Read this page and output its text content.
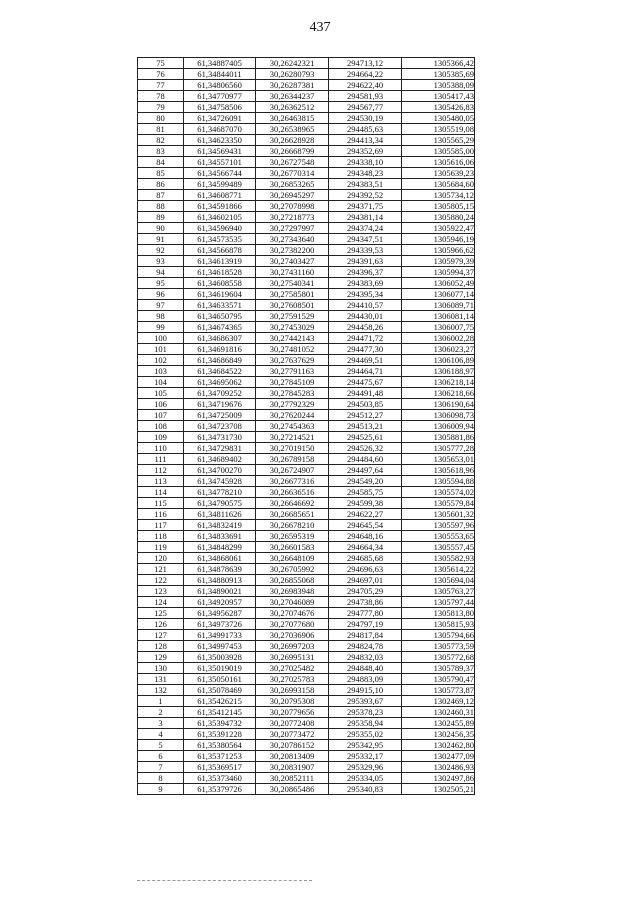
437
75	61,34887405	30,26242321	294713,12	1305366,42
76	61,34844011	30,26280793	294664,22	1305385,69
77	61,34806560	30,26287381	294622,40	1305388,09
78	61,34770977	30,26344237	294581,93	1305417,43
79	61,34758506	30,26362512	294567,77	1305426,83
80	61,34726091	30,26463815	294530,19	1305480,05
81	61,34687070	30,26538965	294485,63	1305519,08
82	61,34623350	30,26628928	294413,34	1305565,29
83	61,34569431	30,26668799	294352,69	1305585,00
84	61,34557101	30,26727548	294338,10	1305616,06
85	61,34566744	30,26770314	294348,23	1305639,23
86	61,34599489	30,26853265	294383,51	1305684,60
87	61,34608771	30,26945297	294392,52	1305734,12
88	61,34591866	30,27078998	294371,75	1305805,15
89	61,34602105	30,27218773	294381,14	1305880,24
90	61,34596940	30,27297997	294374,24	1305922,47
91	61,34573535	30,27343640	294347,51	1305946,19
92	61,34566878	30,27382200	294339,53	1305966,62
93	61,34613919	30,27403427	294391,63	1305979,39
94	61,34618528	30,27431160	294396,37	1305994,37
95	61,34608558	30,27540341	294383,69	1306052,49
96	61,34619604	30,27585801	294395,34	1306077,14
97	61,34633571	30,27608501	294410,57	1306089,71
98	61,34650795	30,27591529	294430,01	1306081,14
99	61,34674365	30,27453029	294458,26	1306007,75
100	61,34686307	30,27442143	294471,72	1306002,28
101	61,34691816	30,27481052	294477,30	1306023,27
102	61,34686849	30,27637629	294469,51	1306106,89
103	61,34684522	30,27791163	294464,71	1306188,97
104	61,34695062	30,27845109	294475,67	1306218,14
105	61,34709252	30,27845283	294491,48	1306218,66
106	61,34719676	30,27792329	294503,85	1306190,64
107	61,34725009	30,27620244	294512,27	1306098,73
108	61,34723708	30,27454363	294513,21	1306009,94
109	61,34731730	30,27214521	294525,61	1305881,86
110	61,34729831	30,27019150	294526,32	1305777,28
111	61,34689402	30,26789158	294484,60	1305653,01
112	61,34700270	30,26724907	294497,64	1305618,96
113	61,34745928	30,26677316	294549,20	1305594,88
114	61,34778210	30,26636516	294585,75	1305574,02
115	61,34790575	30,26646692	294599,38	1305579,84
116	61,34811626	30,26685651	294622,27	1305601,32
117	61,34832419	30,26678210	294645,54	1305597,96
118	61,34833691	30,26595319	294648,16	1305553,65
119	61,34848299	30,26601583	294664,34	1305557,45
120	61,34868061	30,26648109	294685,68	1305582,93
121	61,34878639	30,26705992	294696,63	1305614,22
122	61,34880913	30,26855068	294697,01	1305694,04
123	61,34890021	30,26983948	294705,29	1305763,27
124	61,34920957	30,27046089	294738,86	1305797,44
125	61,34956287	30,27074676	294777,80	1305813,80
126	61,34973726	30,27077680	294797,19	1305815,93
127	61,34991733	30,27036906	294817,84	1305794,66
128	61,34997453	30,26997203	294824,78	1305773,59
129	61,35003928	30,26995131	294832,03	1305772,68
130	61,35019019	30,27025482	294848,40	1305789,37
131	61,35050161	30,27025783	294883,09	1305790,47
132	61,35078469	30,26993158	294915,10	1305773,87
1	61,35426215	30,20795308	295393,67	1302469,12
2	61,35412145	30,20779656	295378,23	1302460,31
3	61,35394732	30,20772408	295358,94	1302455,89
4	61,35391228	30,20773472	295355,02	1302456,35
5	61,35380564	30,20786152	295342,95	1302462,80
6	61,35371253	30,20813409	295332,17	1302477,09
7	61,35369517	30,20831907	295329,96	1302486,93
8	61,35373460	30,20852111	295334,05	1302497,86
9	61,35379726	30,20865486	295340,83	1302505,21
